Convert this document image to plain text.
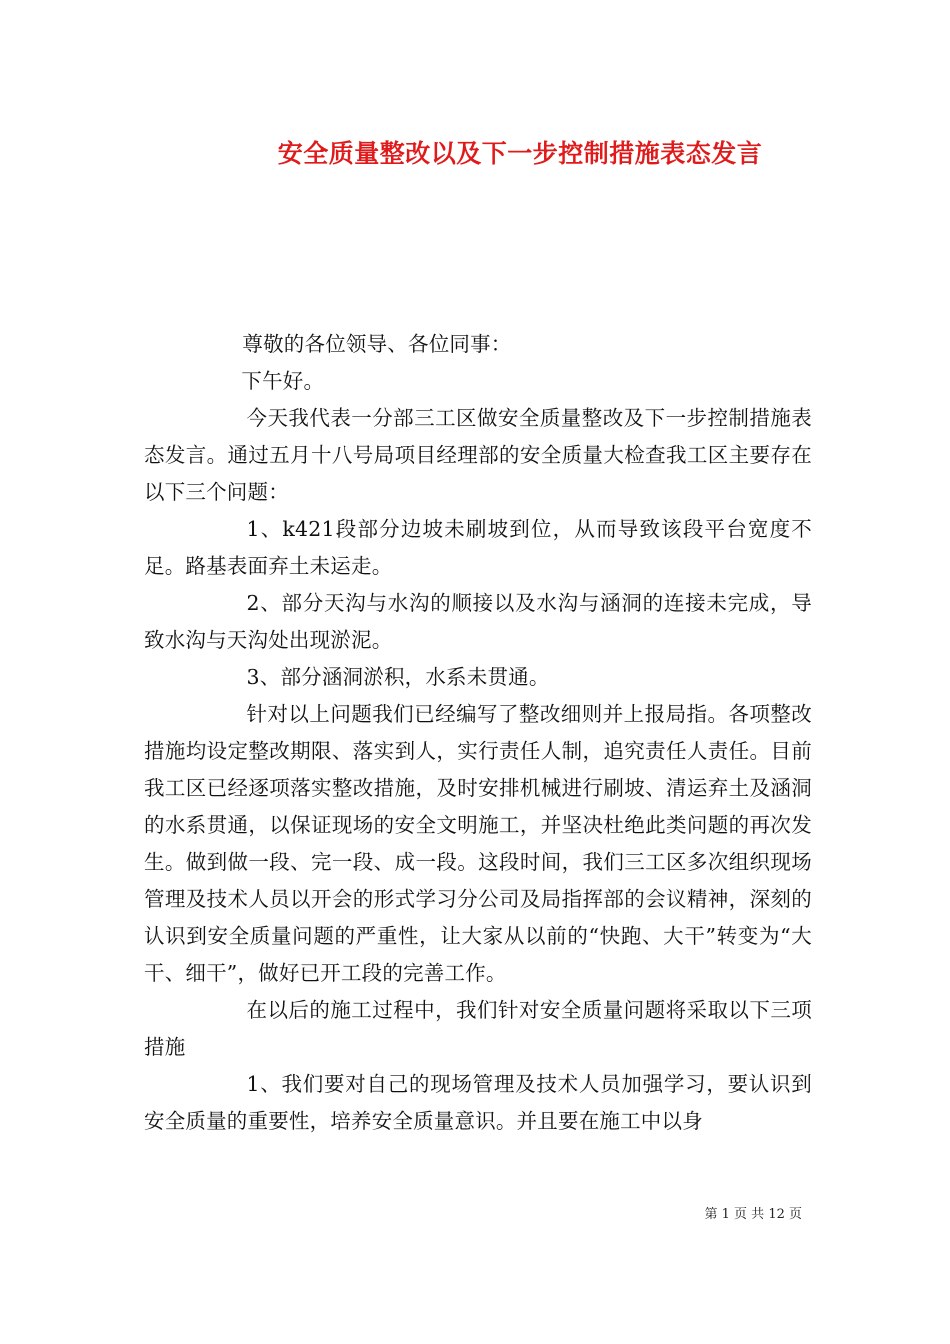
安全质量整改以及下一步控制措施表态发言

尊敬的各位领导、各位同事：

下午好。

今天我代表一分部三工区做安全质量整改及下一步控制措施表态发言。通过五月十八号局项目经理部的安全质量大检查我工区主要存在以下三个问题：

1、k421段部分边坡未刷坡到位，从而导致该段平台宽度不足。路基表面弃土未运走。

2、部分天沟与水沟的顺接以及水沟与涵洞的连接未完成，导致水沟与天沟处出现淤泥。

3、部分涵洞淤积，水系未贯通。

针对以上问题我们已经编写了整改细则并上报局指。各项整改措施均设定整改期限、落实到人，实行责任人制，追究责任人责任。目前我工区已经逐项落实整改措施，及时安排机械进行刷坡、清运弃土及涵洞的水系贯通，以保证现场的安全文明施工，并坚决杜绝此类问题的再次发生。做到做一段、完一段、成一段。这段时间，我们三工区多次组织现场管理及技术人员以开会的形式学习分公司及局指挥部的会议精神，深刻的认识到安全质量问题的严重性，让大家从以前的“快跑、大干”转变为“大干、细干”，做好已开工段的完善工作。

在以后的施工过程中，我们针对安全质量问题将采取以下三项措施

1、我们要对自己的现场管理及技术人员加强学习，要认识到安全质量的重要性，培养安全质量意识。并且要在施工中以身

第 1 页 共 12 页
